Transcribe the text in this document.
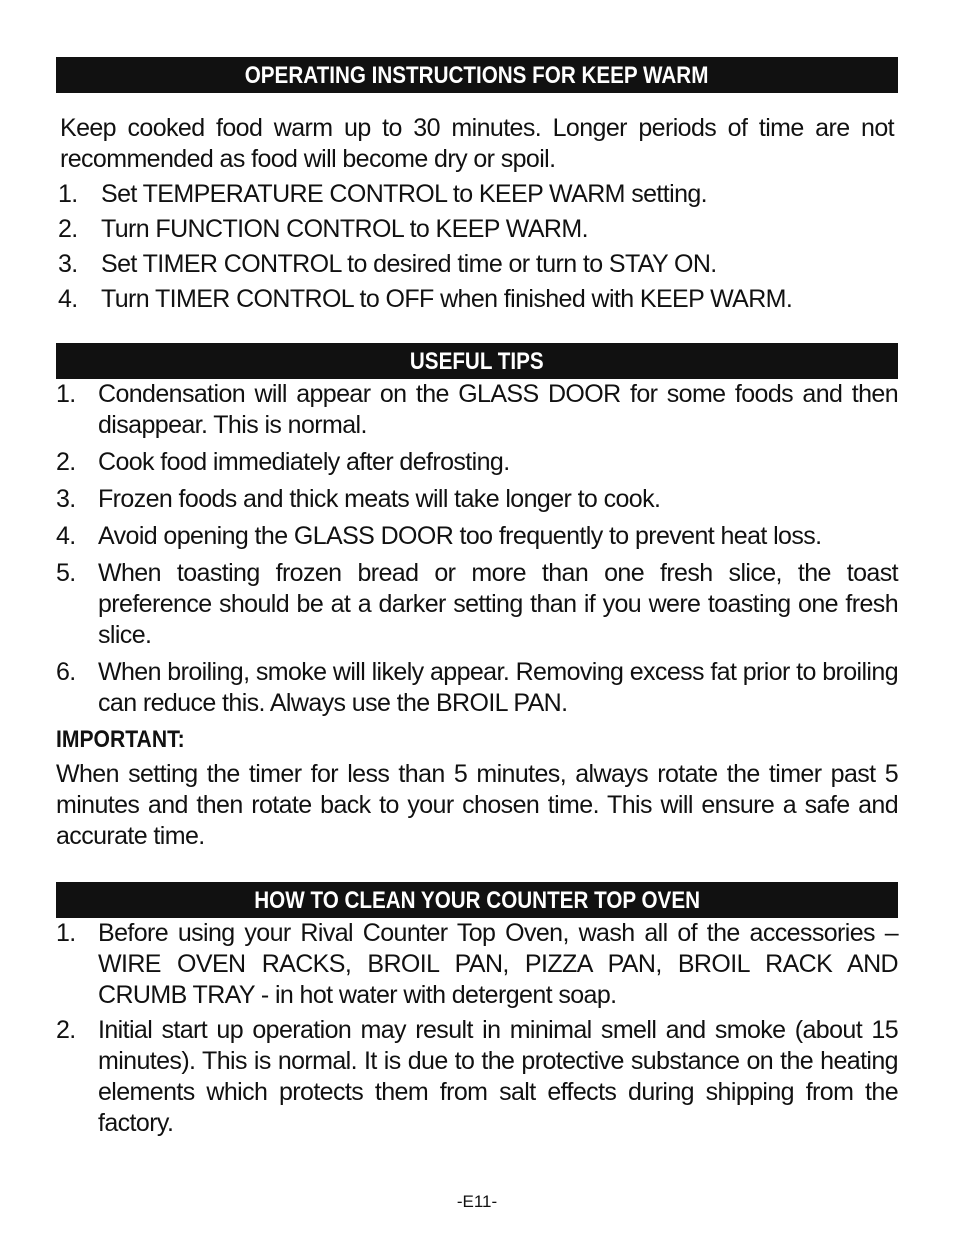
OPERATING INSTRUCTIONS FOR KEEP WARM
Keep cooked food warm up to 30 minutes. Longer periods of time are not recommended as food will become dry or spoil.
1. Set TEMPERATURE CONTROL to KEEP WARM setting.
2. Turn FUNCTION CONTROL to KEEP WARM.
3. Set TIMER CONTROL to desired time or turn to STAY ON.
4. Turn TIMER CONTROL to OFF when finished with KEEP WARM.
USEFUL TIPS
1. Condensation will appear on the GLASS DOOR for some foods and then disappear. This is normal.
2. Cook food immediately after defrosting.
3. Frozen foods and thick meats will take longer to cook.
4. Avoid opening the GLASS DOOR too frequently to prevent heat loss.
5. When toasting frozen bread or more than one fresh slice, the toast preference should be at a darker setting than if you were toasting one fresh slice.
6. When broiling, smoke will likely appear. Removing excess fat prior to broiling can reduce this. Always use the BROIL PAN.
IMPORTANT:
When setting the timer for less than 5 minutes, always rotate the timer past 5 minutes and then rotate back to your chosen time. This will ensure a safe and accurate time.
HOW TO CLEAN YOUR COUNTER TOP OVEN
1. Before using your Rival Counter Top Oven, wash all of the accessories – WIRE OVEN RACKS, BROIL PAN, PIZZA PAN, BROIL RACK AND CRUMB TRAY - in hot water with detergent soap.
2. Initial start up operation may result in minimal smell and smoke (about 15 minutes). This is normal. It is due to the protective substance on the heating elements which protects them from salt effects during shipping from the factory.
-E11-
